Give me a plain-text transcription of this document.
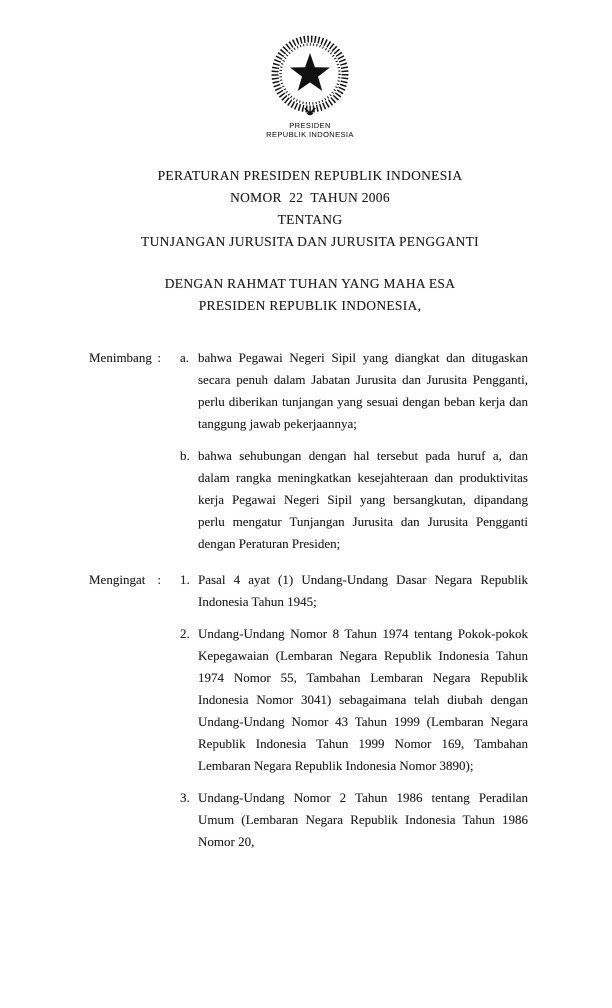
PRESIDEN
REPUBLIK INDONESIA
PERATURAN PRESIDEN REPUBLIK INDONESIA
NOMOR  22  TAHUN 2006
TENTANG
TUNJANGAN JURUSITA DAN JURUSITA PENGGANTI
DENGAN RAHMAT TUHAN YANG MAHA ESA
PRESIDEN REPUBLIK INDONESIA,
Menimbang : a. bahwa Pegawai Negeri Sipil yang diangkat dan ditugaskan secara penuh dalam Jabatan Jurusita dan Jurusita Pengganti, perlu diberikan tunjangan yang sesuai dengan beban kerja dan tanggung jawab pekerjaannya;

b. bahwa sehubungan dengan hal tersebut pada huruf a, dan dalam rangka meningkatkan kesejahteraan dan produktivitas kerja Pegawai Negeri Sipil yang bersangkutan, dipandang perlu mengatur Tunjangan Jurusita dan Jurusita Pengganti dengan Peraturan Presiden;

Mengingat : 1. Pasal 4 ayat (1) Undang-Undang Dasar Negara Republik Indonesia Tahun 1945;

2. Undang-Undang Nomor 8 Tahun 1974 tentang Pokok-pokok Kepegawaian (Lembaran Negara Republik Indonesia Tahun 1974 Nomor 55, Tambahan Lembaran Negara Republik Indonesia Nomor 3041) sebagaimana telah diubah dengan Undang-Undang Nomor 43 Tahun 1999 (Lembaran Negara Republik Indonesia Tahun 1999 Nomor 169, Tambahan Lembaran Negara Republik Indonesia Nomor 3890);

3. Undang-Undang Nomor 2 Tahun 1986 tentang Peradilan Umum (Lembaran Negara Republik Indonesia Tahun 1986 Nomor 20,
